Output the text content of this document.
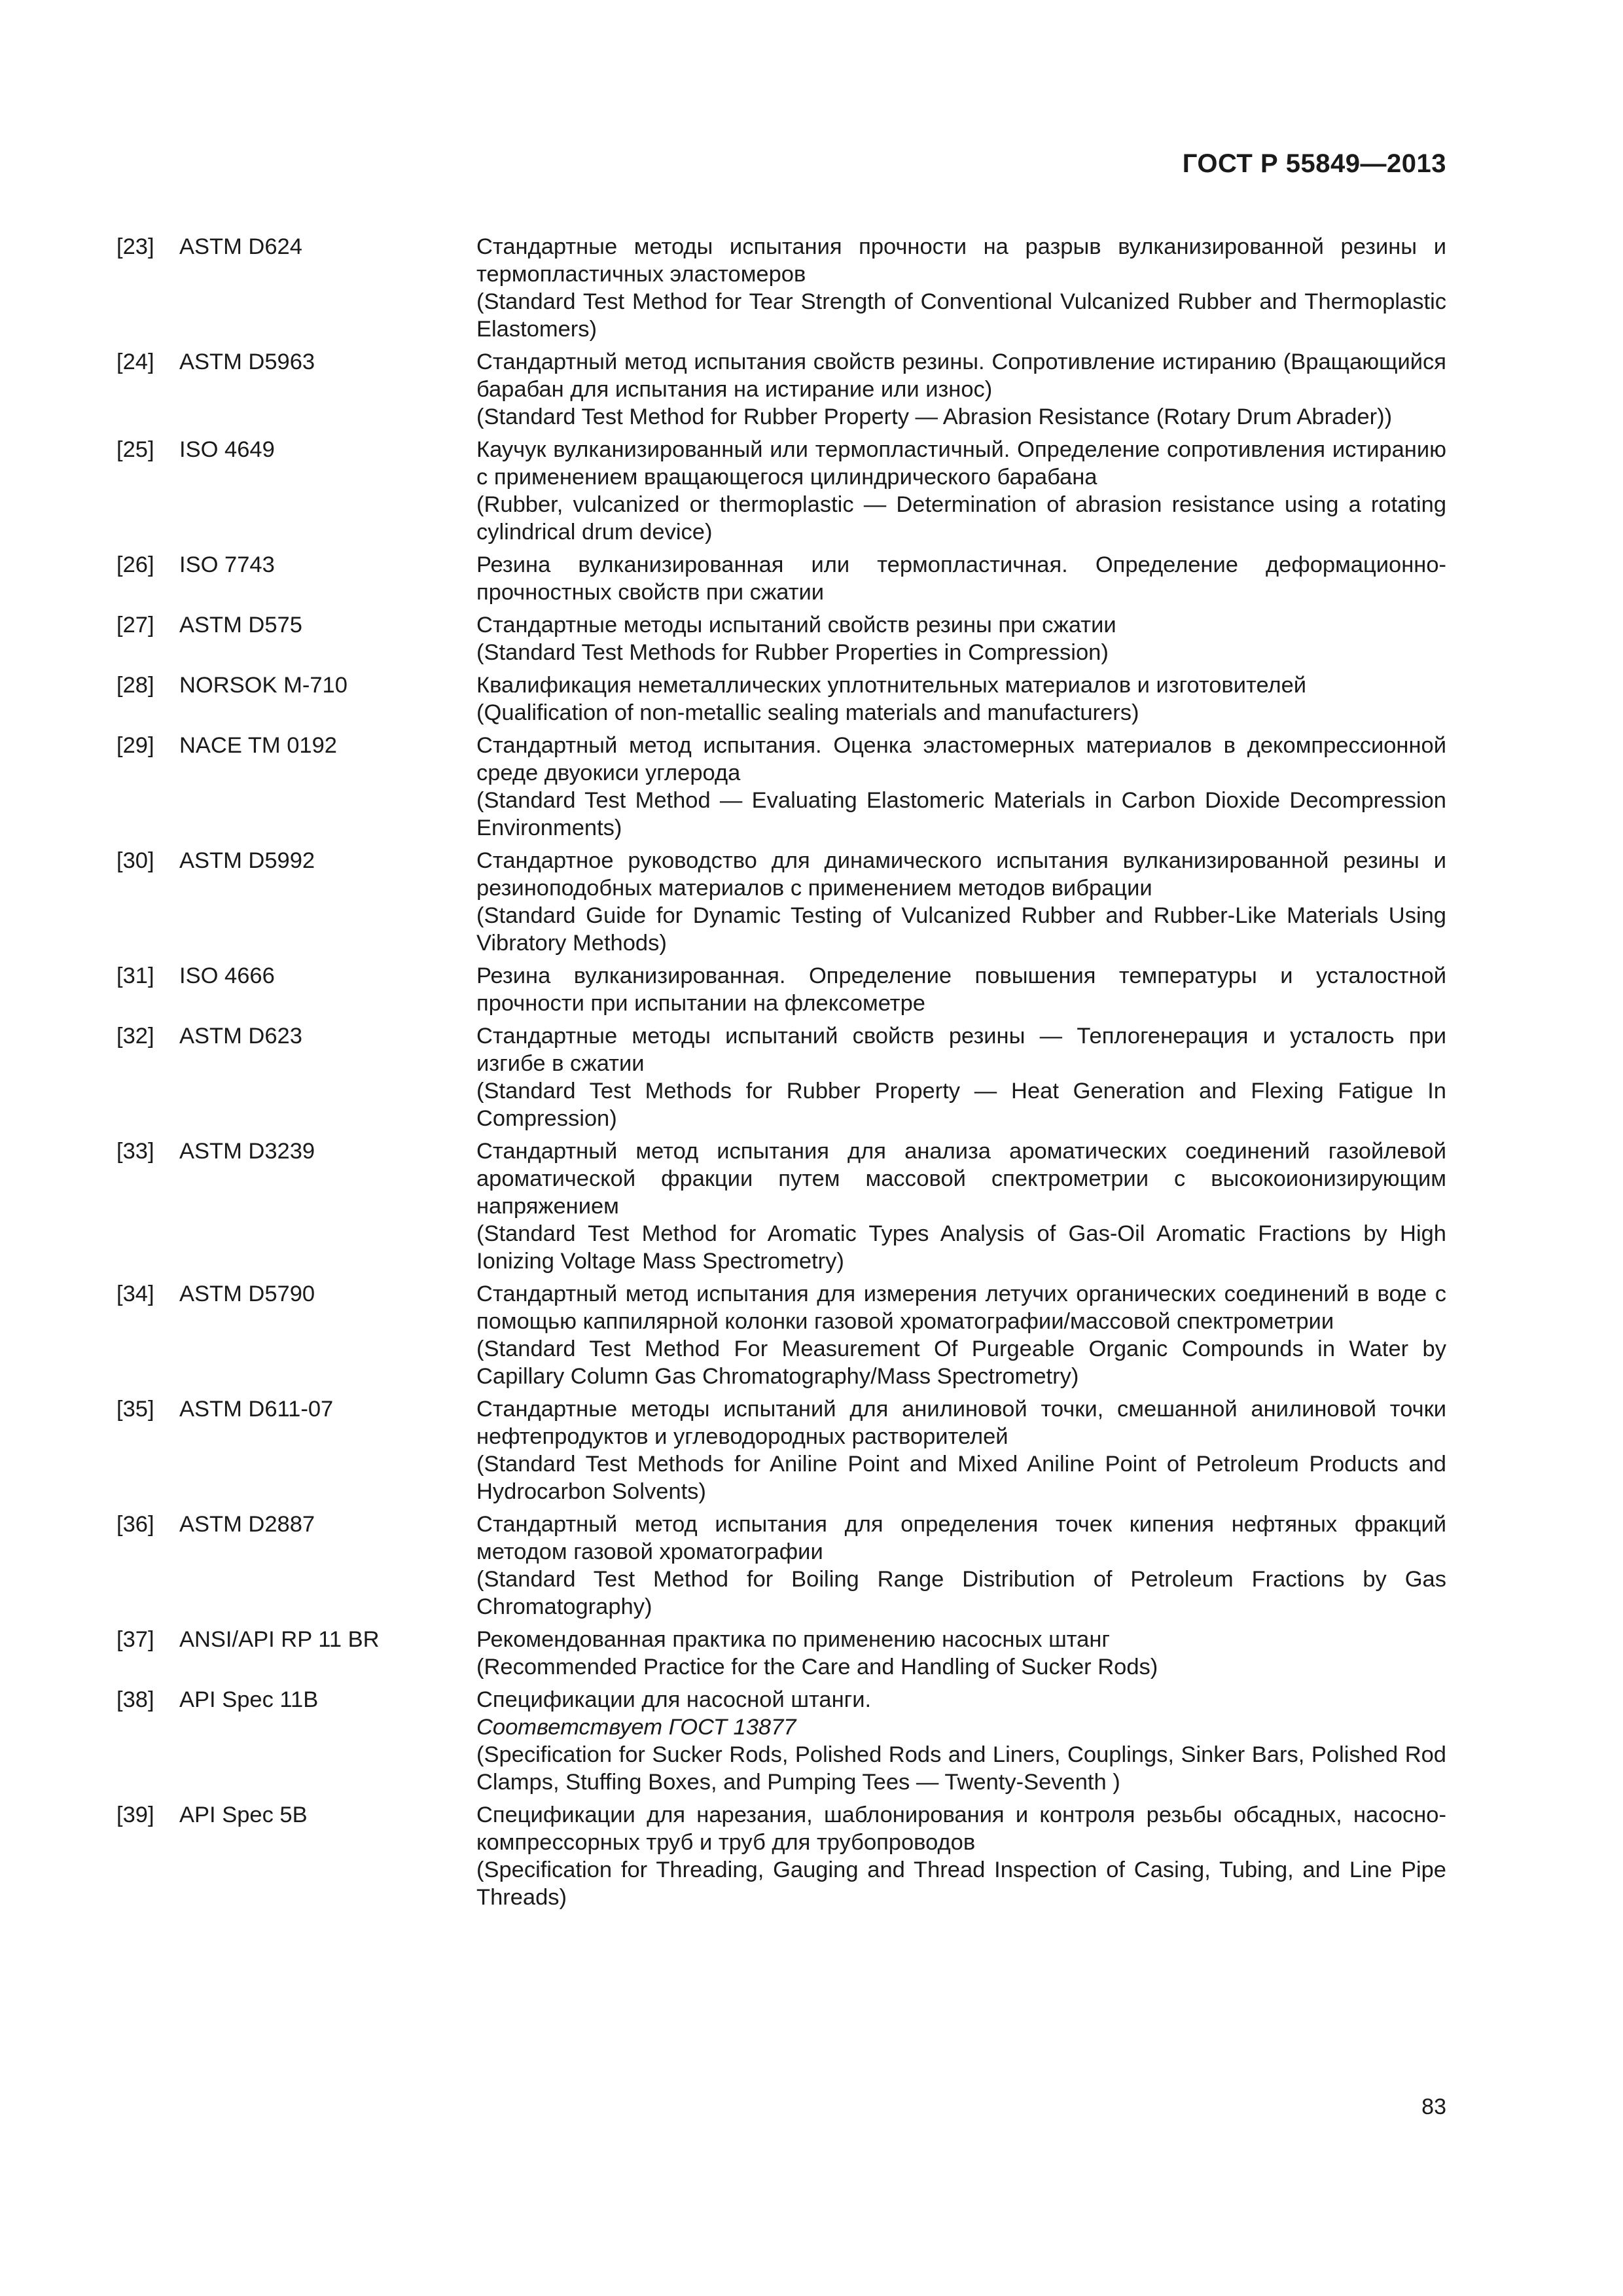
ГОСТ Р 55849—2013
[23]	ASTM D624	Стандартные методы испытания прочности на разрыв вулканизированной резины и термопластичных эластомеров
(Standard Test Method for Tear Strength of Conventional Vulcanized Rubber and Thermoplastic Elastomers)
[24]	ASTM D5963	Стандартный метод испытания свойств резины. Сопротивление истиранию (Вращающийся барабан для испытания на истирание или износ)
(Standard Test Method for Rubber Property — Abrasion Resistance (Rotary Drum Abrader))
[25]	ISO 4649	Каучук вулканизированный или термопластичный. Определение сопротивления истиранию с применением вращающегося цилиндрического барабана
(Rubber, vulcanized or thermoplastic — Determination of abrasion resistance using a rotating cylindrical drum device)
[26]	ISO 7743	Резина вулканизированная или термопластичная. Определение деформационно-прочностных свойств при сжатии
[27]	ASTM D575	Стандартные методы испытаний свойств резины при сжатии
(Standard Test Methods for Rubber Properties in Compression)
[28]	NORSOK M-710	Квалификация неметаллических уплотнительных материалов и изготовителей
(Qualification of non-metallic sealing materials and manufacturers)
[29]	NACE TM 0192	Стандартный метод испытания. Оценка эластомерных материалов в декомпрессионной среде двуокиси углерода
(Standard Test Method — Evaluating Elastomeric Materials in Carbon Dioxide Decompression Environments)
[30]	ASTM D5992	Стандартное руководство для динамического испытания вулканизированной резины и резиноподобных материалов с применением методов вибрации
(Standard Guide for Dynamic Testing of Vulcanized Rubber and Rubber-Like Materials Using Vibratory Methods)
[31]	ISO 4666	Резина вулканизированная. Определение повышения температуры и усталостной прочности при испытании на флексометре
[32]	ASTM D623	Стандартные методы испытаний свойств резины — Теплогенерация и усталость при изгибе в сжатии
(Standard Test Methods for Rubber Property — Heat Generation and Flexing Fatigue In Compression)
[33]	ASTM D3239	Стандартный метод испытания для анализа ароматических соединений газойлевой ароматической фракции путем массовой спектрометрии с высокоионизирующим напряжением
(Standard Test Method for Aromatic Types Analysis of Gas-Oil Aromatic Fractions by High Ionizing Voltage Mass Spectrometry)
[34]	ASTM D5790	Стандартный метод испытания для измерения летучих органических соединений в воде с помощью каппилярной колонки газовой хроматографии/массовой спектрометрии
(Standard Test Method For Measurement Of Purgeable Organic Compounds in Water by Capillary Column Gas Chromatography/Mass Spectrometry)
[35]	ASTM D611-07	Стандартные методы испытаний для анилиновой точки, смешанной анилиновой точки нефтепродуктов и углеводородных растворителей
(Standard Test Methods for Aniline Point and Mixed Aniline Point of Petroleum Products and Hydrocarbon Solvents)
[36]	ASTM D2887	Стандартный метод испытания для определения точек кипения нефтяных фракций методом газовой хроматографии
(Standard Test Method for Boiling Range Distribution of Petroleum Fractions by Gas Chromatography)
[37]	ANSI/API RP 11 BR	Рекомендованная практика по применению насосных штанг
(Recommended Practice for the Care and Handling of Sucker Rods)
[38]	API Spec 11B	Спецификации для насосной штанги.
Соответствует ГОСТ 13877
(Specification for Sucker Rods, Polished Rods and Liners, Couplings, Sinker Bars, Polished Rod Clamps, Stuffing Boxes, and Pumping Tees — Twenty-Seventh )
[39]	API Spec 5B	Спецификации для нарезания, шаблонирования и контроля резьбы обсадных, насосно-компрессорных труб и труб для трубопроводов
(Specification for Threading, Gauging and Thread Inspection of Casing, Tubing, and Line Pipe Threads)
83
